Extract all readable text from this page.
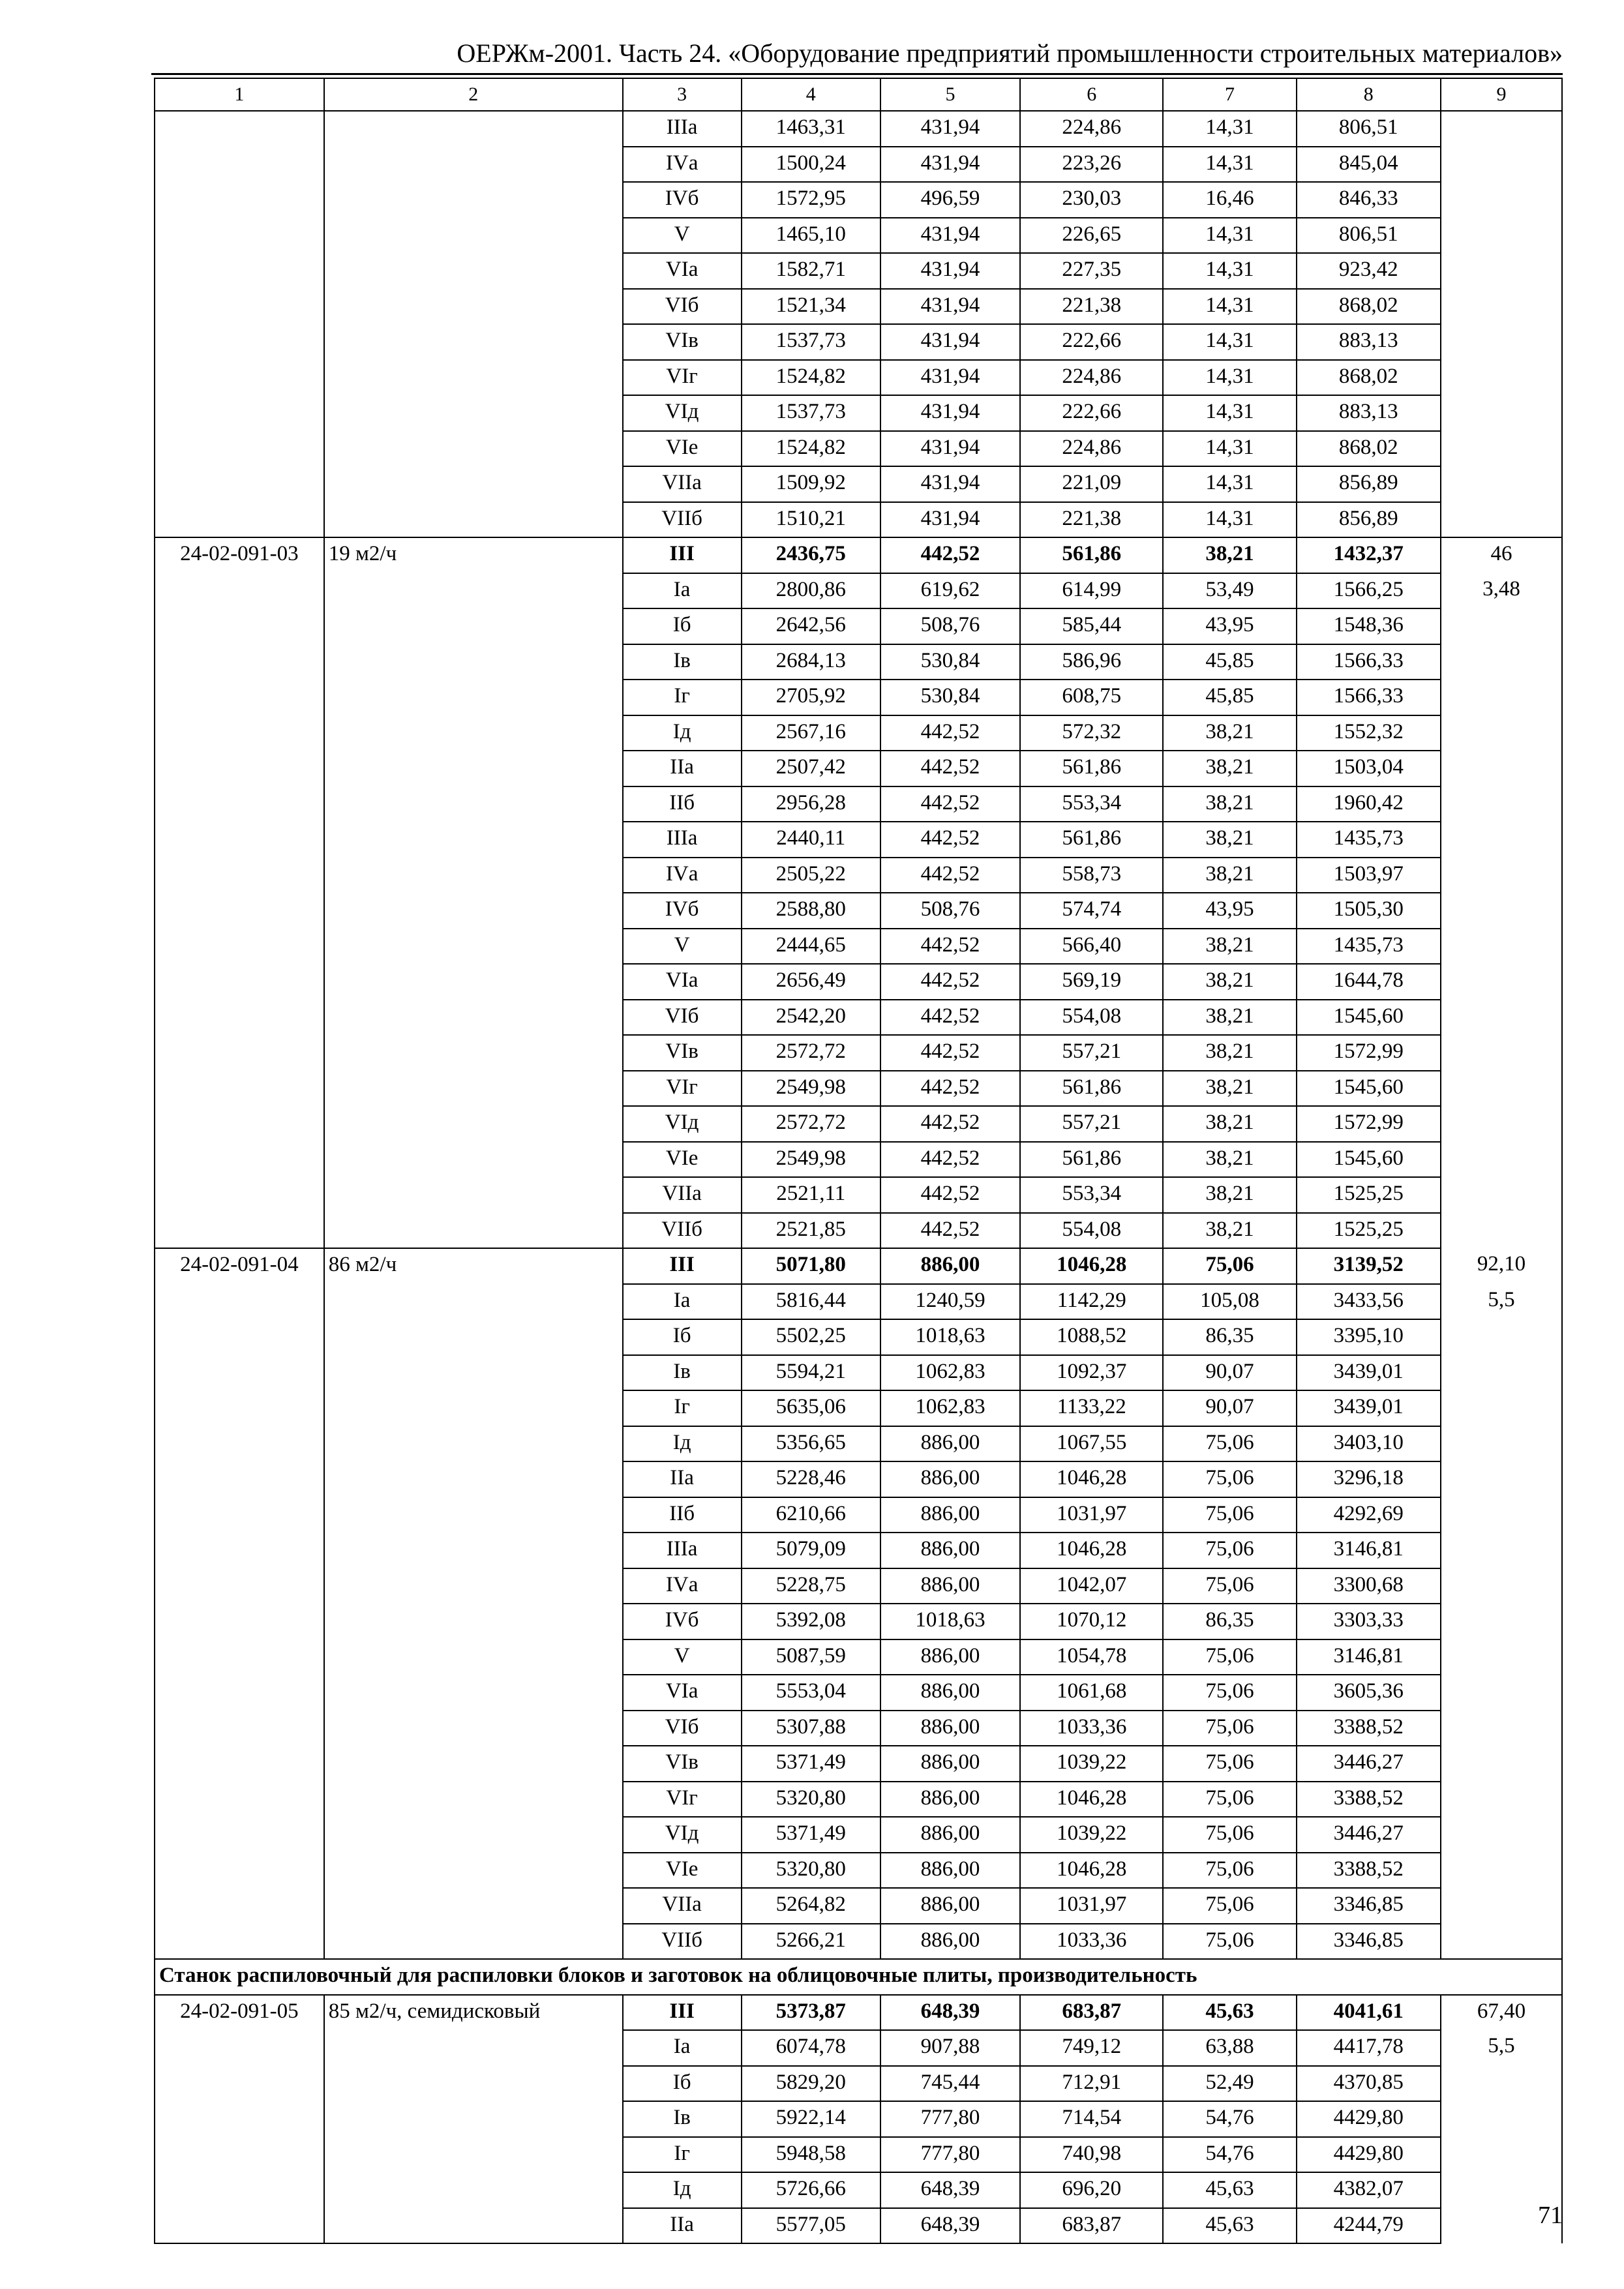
ОЕРЖм-2001. Часть 24. «Оборудование предприятий промышленности строительных материалов»
1	2	3	4	5	6	7	8	9
		IIIа	1463,31	431,94	224,86	14,31	806,51	
		IVа	1500,24	431,94	223,26	14,31	845,04	
		IVб	1572,95	496,59	230,03	16,46	846,33	
		V	1465,10	431,94	226,65	14,31	806,51	
		VIа	1582,71	431,94	227,35	14,31	923,42	
		VIб	1521,34	431,94	221,38	14,31	868,02	
		VIв	1537,73	431,94	222,66	14,31	883,13	
		VIг	1524,82	431,94	224,86	14,31	868,02	
		VIд	1537,73	431,94	222,66	14,31	883,13	
		VIе	1524,82	431,94	224,86	14,31	868,02	
		VIIа	1509,92	431,94	221,09	14,31	856,89	
		VIIб	1510,21	431,94	221,38	14,31	856,89	
24-02-091-03	19 м2/ч	III	2436,75	442,52	561,86	38,21	1432,37	46
		Iа	2800,86	619,62	614,99	53,49	1566,25	3,48
		Iб	2642,56	508,76	585,44	43,95	1548,36	
		Iв	2684,13	530,84	586,96	45,85	1566,33	
		Iг	2705,92	530,84	608,75	45,85	1566,33	
		Iд	2567,16	442,52	572,32	38,21	1552,32	
		IIа	2507,42	442,52	561,86	38,21	1503,04	
		IIб	2956,28	442,52	553,34	38,21	1960,42	
		IIIа	2440,11	442,52	561,86	38,21	1435,73	
		IVа	2505,22	442,52	558,73	38,21	1503,97	
		IVб	2588,80	508,76	574,74	43,95	1505,30	
		V	2444,65	442,52	566,40	38,21	1435,73	
		VIа	2656,49	442,52	569,19	38,21	1644,78	
		VIб	2542,20	442,52	554,08	38,21	1545,60	
		VIв	2572,72	442,52	557,21	38,21	1572,99	
		VIг	2549,98	442,52	561,86	38,21	1545,60	
		VIд	2572,72	442,52	557,21	38,21	1572,99	
		VIе	2549,98	442,52	561,86	38,21	1545,60	
		VIIа	2521,11	442,52	553,34	38,21	1525,25	
		VIIб	2521,85	442,52	554,08	38,21	1525,25	
24-02-091-04	86 м2/ч	III	5071,80	886,00	1046,28	75,06	3139,52	92,10
		Iа	5816,44	1240,59	1142,29	105,08	3433,56	5,5
		Iб	5502,25	1018,63	1088,52	86,35	3395,10	
		Iв	5594,21	1062,83	1092,37	90,07	3439,01	
		Iг	5635,06	1062,83	1133,22	90,07	3439,01	
		Iд	5356,65	886,00	1067,55	75,06	3403,10	
		IIа	5228,46	886,00	1046,28	75,06	3296,18	
		IIб	6210,66	886,00	1031,97	75,06	4292,69	
		IIIа	5079,09	886,00	1046,28	75,06	3146,81	
		IVа	5228,75	886,00	1042,07	75,06	3300,68	
		IVб	5392,08	1018,63	1070,12	86,35	3303,33	
		V	5087,59	886,00	1054,78	75,06	3146,81	
		VIа	5553,04	886,00	1061,68	75,06	3605,36	
		VIб	5307,88	886,00	1033,36	75,06	3388,52	
		VIв	5371,49	886,00	1039,22	75,06	3446,27	
		VIг	5320,80	886,00	1046,28	75,06	3388,52	
		VIд	5371,49	886,00	1039,22	75,06	3446,27	
		VIе	5320,80	886,00	1046,28	75,06	3388,52	
		VIIа	5264,82	886,00	1031,97	75,06	3346,85	
		VIIб	5266,21	886,00	1033,36	75,06	3346,85	
Станок распиловочный для распиловки блоков и заготовок на облицовочные плиты, производительность								
24-02-091-05	85 м2/ч, семидисковый	III	5373,87	648,39	683,87	45,63	4041,61	67,40
		Iа	6074,78	907,88	749,12	63,88	4417,78	5,5
		Iб	5829,20	745,44	712,91	52,49	4370,85	
		Iв	5922,14	777,80	714,54	54,76	4429,80	
		Iг	5948,58	777,80	740,98	54,76	4429,80	
		Iд	5726,66	648,39	696,20	45,63	4382,07	
		IIа	5577,05	648,39	683,87	45,63	4244,79		71
